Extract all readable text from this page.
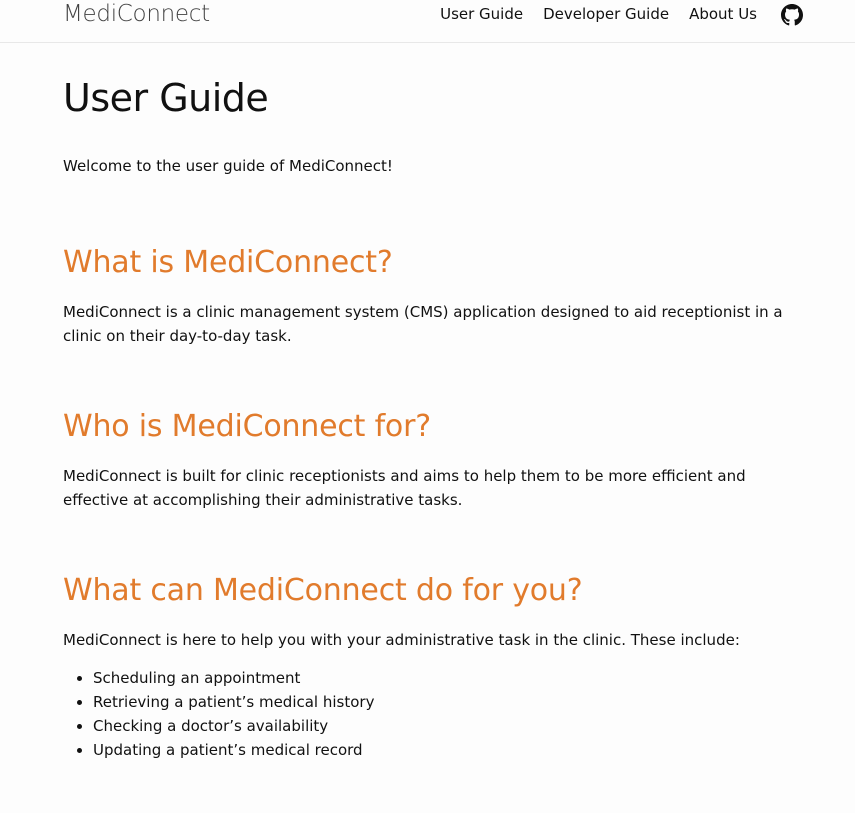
MediConnect	User Guide Developer Guide About Us
User Guide

Welcome to the user guide of MediConnect!

What is MediConnect?

MediConnect is a clinic management system (CMS) application designed to aid receptionist in a clinic on their day-to-day task.

Who is MediConnect for?

MediConnect is built for clinic receptionists and aims to help them to be more efficient and effective at accomplishing their administrative tasks.

What can MediConnect do for you?

MediConnect is here to help you with your administrative task in the clinic. These include:

• Scheduling an appointment
• Retrieving a patient’s medical history
• Checking a doctor’s availability
• Updating a patient’s medical record
